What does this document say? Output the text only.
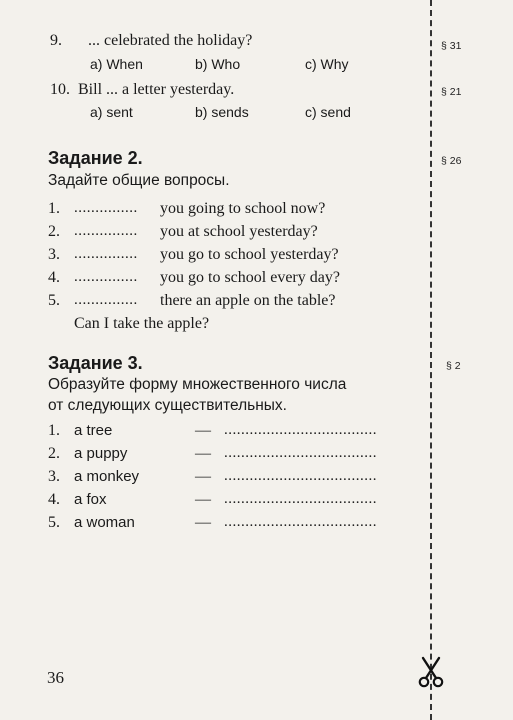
9. ... celebrated the holiday?
a) When	b) Who	c) Why
10. Bill ... a letter yesterday.
a) sent	b) sends	c) send
Задание 2.
Задайте общие вопросы.
1. ............... you going to school now?
2. ............... you at school yesterday?
3. ............... you go to school yesterday?
4. ............... you go to school every day?
5. ............... there an apple on the table?
Can I take the apple?
Задание 3.
Образуйте форму множественного числа
от следующих существительных.
1. a tree	— ....................................
2. a puppy	— ....................................
3. a monkey	— ....................................
4. a fox	— ....................................
5. a woman	— ....................................
§ 31
§ 21
§ 26
§ 2
36
